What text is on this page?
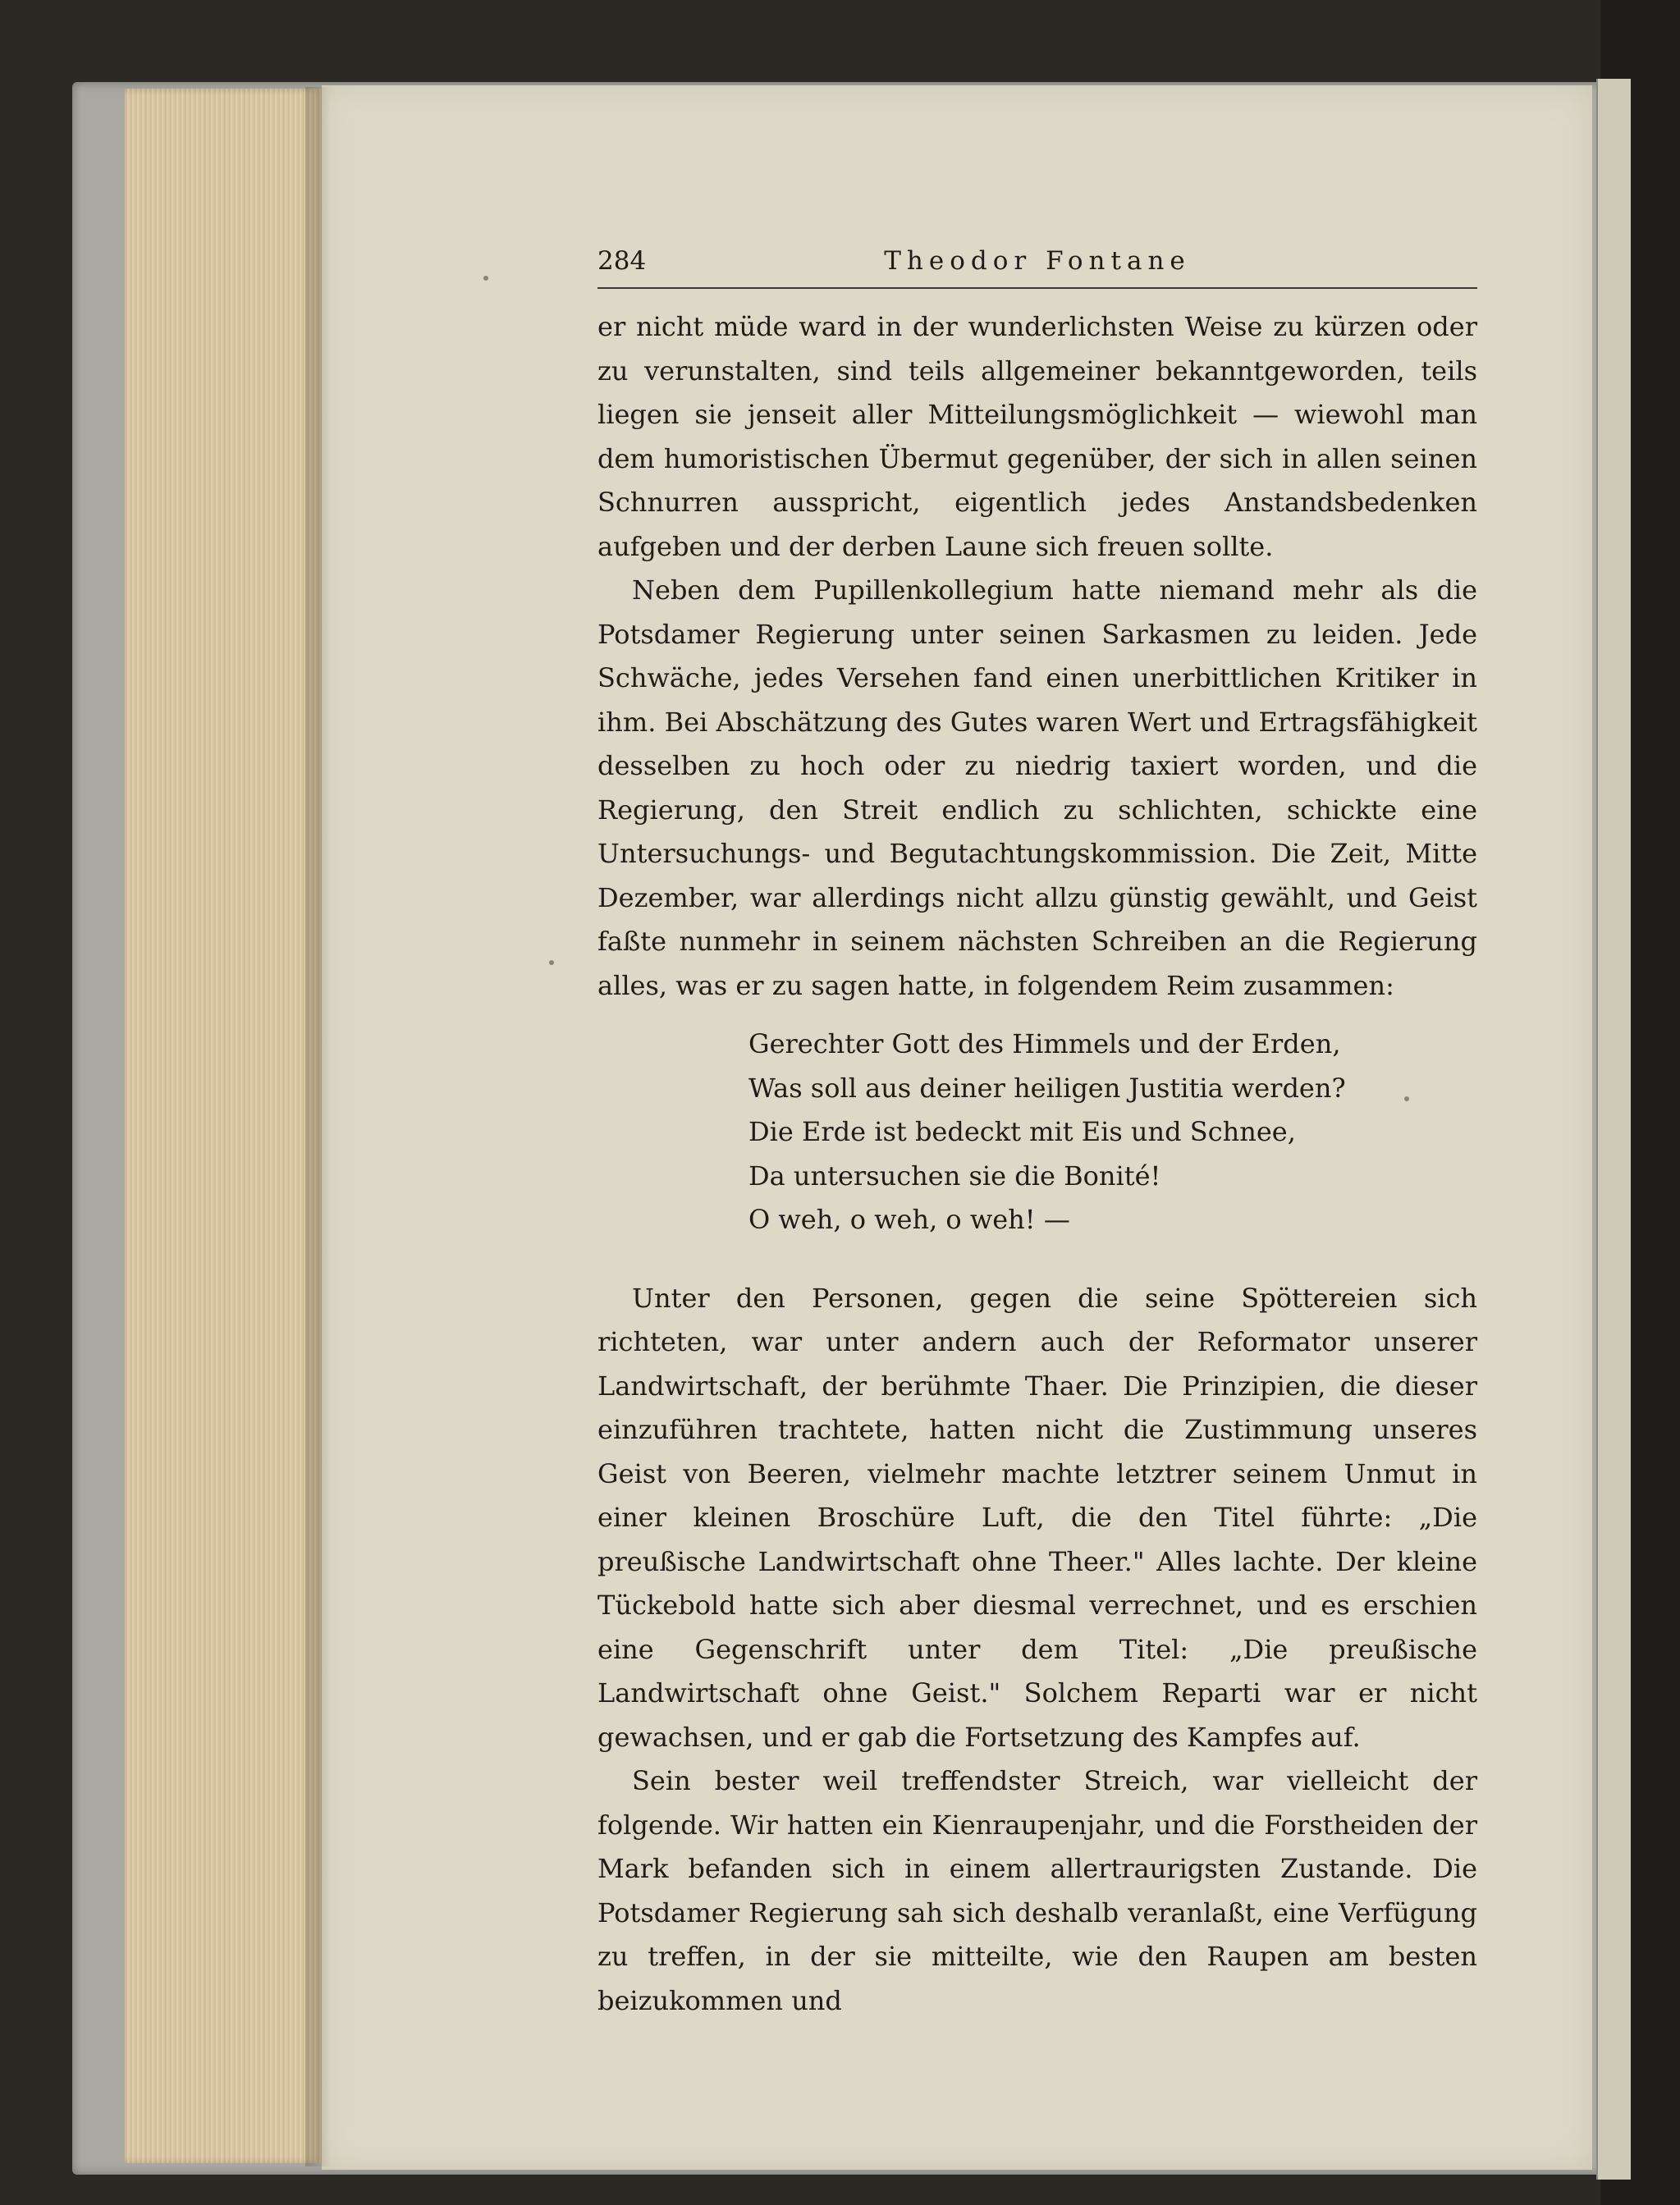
284	Theodor Fontane

er nicht müde ward in der wunderlichsten Weise zu kürzen oder zu verunstalten, sind teils allgemeiner bekanntgeworden, teils liegen sie jenseit aller Mitteilungsmöglichkeit — wiewohl man dem humoristischen Übermut gegenüber, der sich in allen seinen Schnurren ausspricht, eigentlich jedes Anstandsbedenken aufgeben und der derben Laune sich freuen sollte.

Neben dem Pupillenkollegium hatte niemand mehr als die Potsdamer Regierung unter seinen Sarkasmen zu leiden. Jede Schwäche, jedes Versehen fand einen unerbittlichen Kritiker in ihm. Bei Abschätzung des Gutes waren Wert und Ertragsfähigkeit desselben zu hoch oder zu niedrig taxiert worden, und die Regierung, den Streit endlich zu schlichten, schickte eine Untersuchungs- und Begutachtungskommission. Die Zeit, Mitte Dezember, war allerdings nicht allzu günstig gewählt, und Geist faßte nunmehr in seinem nächsten Schreiben an die Regierung alles, was er zu sagen hatte, in folgendem Reim zusammen:

Gerechter Gott des Himmels und der Erden,
Was soll aus deiner heiligen Justitia werden?
Die Erde ist bedeckt mit Eis und Schnee,
Da untersuchen sie die Bonité!
O weh, o weh, o weh! —

Unter den Personen, gegen die seine Spöttereien sich richteten, war unter andern auch der Reformator unserer Landwirtschaft, der berühmte Thaer. Die Prinzipien, die dieser einzuführen trachtete, hatten nicht die Zustimmung unseres Geist von Beeren, vielmehr machte letztrer seinem Unmut in einer kleinen Broschüre Luft, die den Titel führte: „Die preußische Landwirtschaft ohne Theer." Alles lachte. Der kleine Tückebold hatte sich aber diesmal verrechnet, und es erschien eine Gegenschrift unter dem Titel: „Die preußische Landwirtschaft ohne Geist." Solchem Reparti war er nicht gewachsen, und er gab die Fortsetzung des Kampfes auf.

Sein bester weil treffendster Streich, war vielleicht der folgende. Wir hatten ein Kienraupenjahr, und die Forstheiden der Mark befanden sich in einem allertraurigsten Zustande. Die Potsdamer Regierung sah sich deshalb veranlaßt, eine Verfügung zu treffen, in der sie mitteilte, wie den Raupen am besten beizukommen und
